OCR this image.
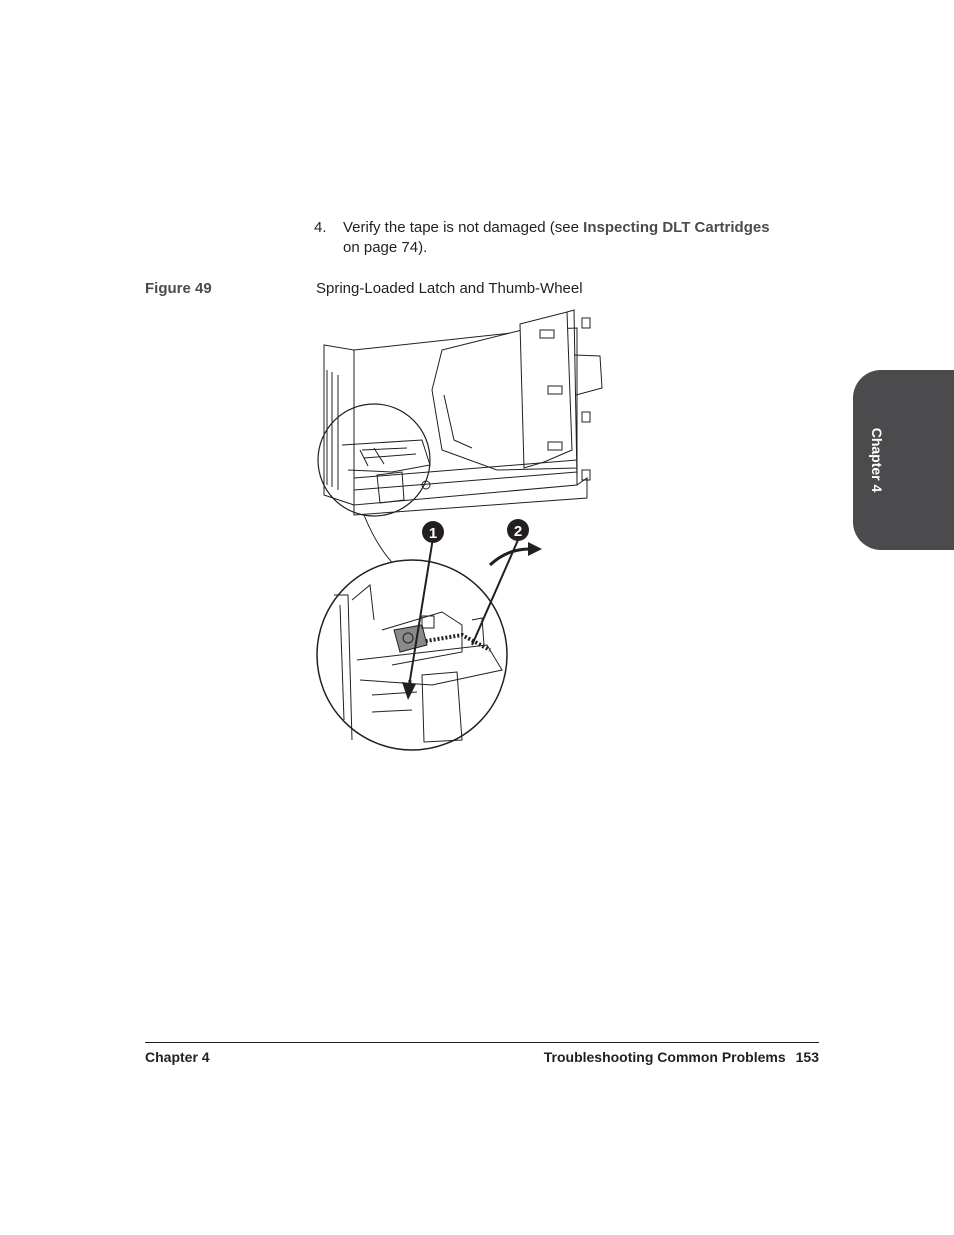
4. Verify the tape is not damaged (see Inspecting DLT Cartridges on page 74).
Figure 49	Spring-Loaded Latch and Thumb-Wheel
1	2
Chapter 4
Chapter 4	Troubleshooting Common Problems 153
